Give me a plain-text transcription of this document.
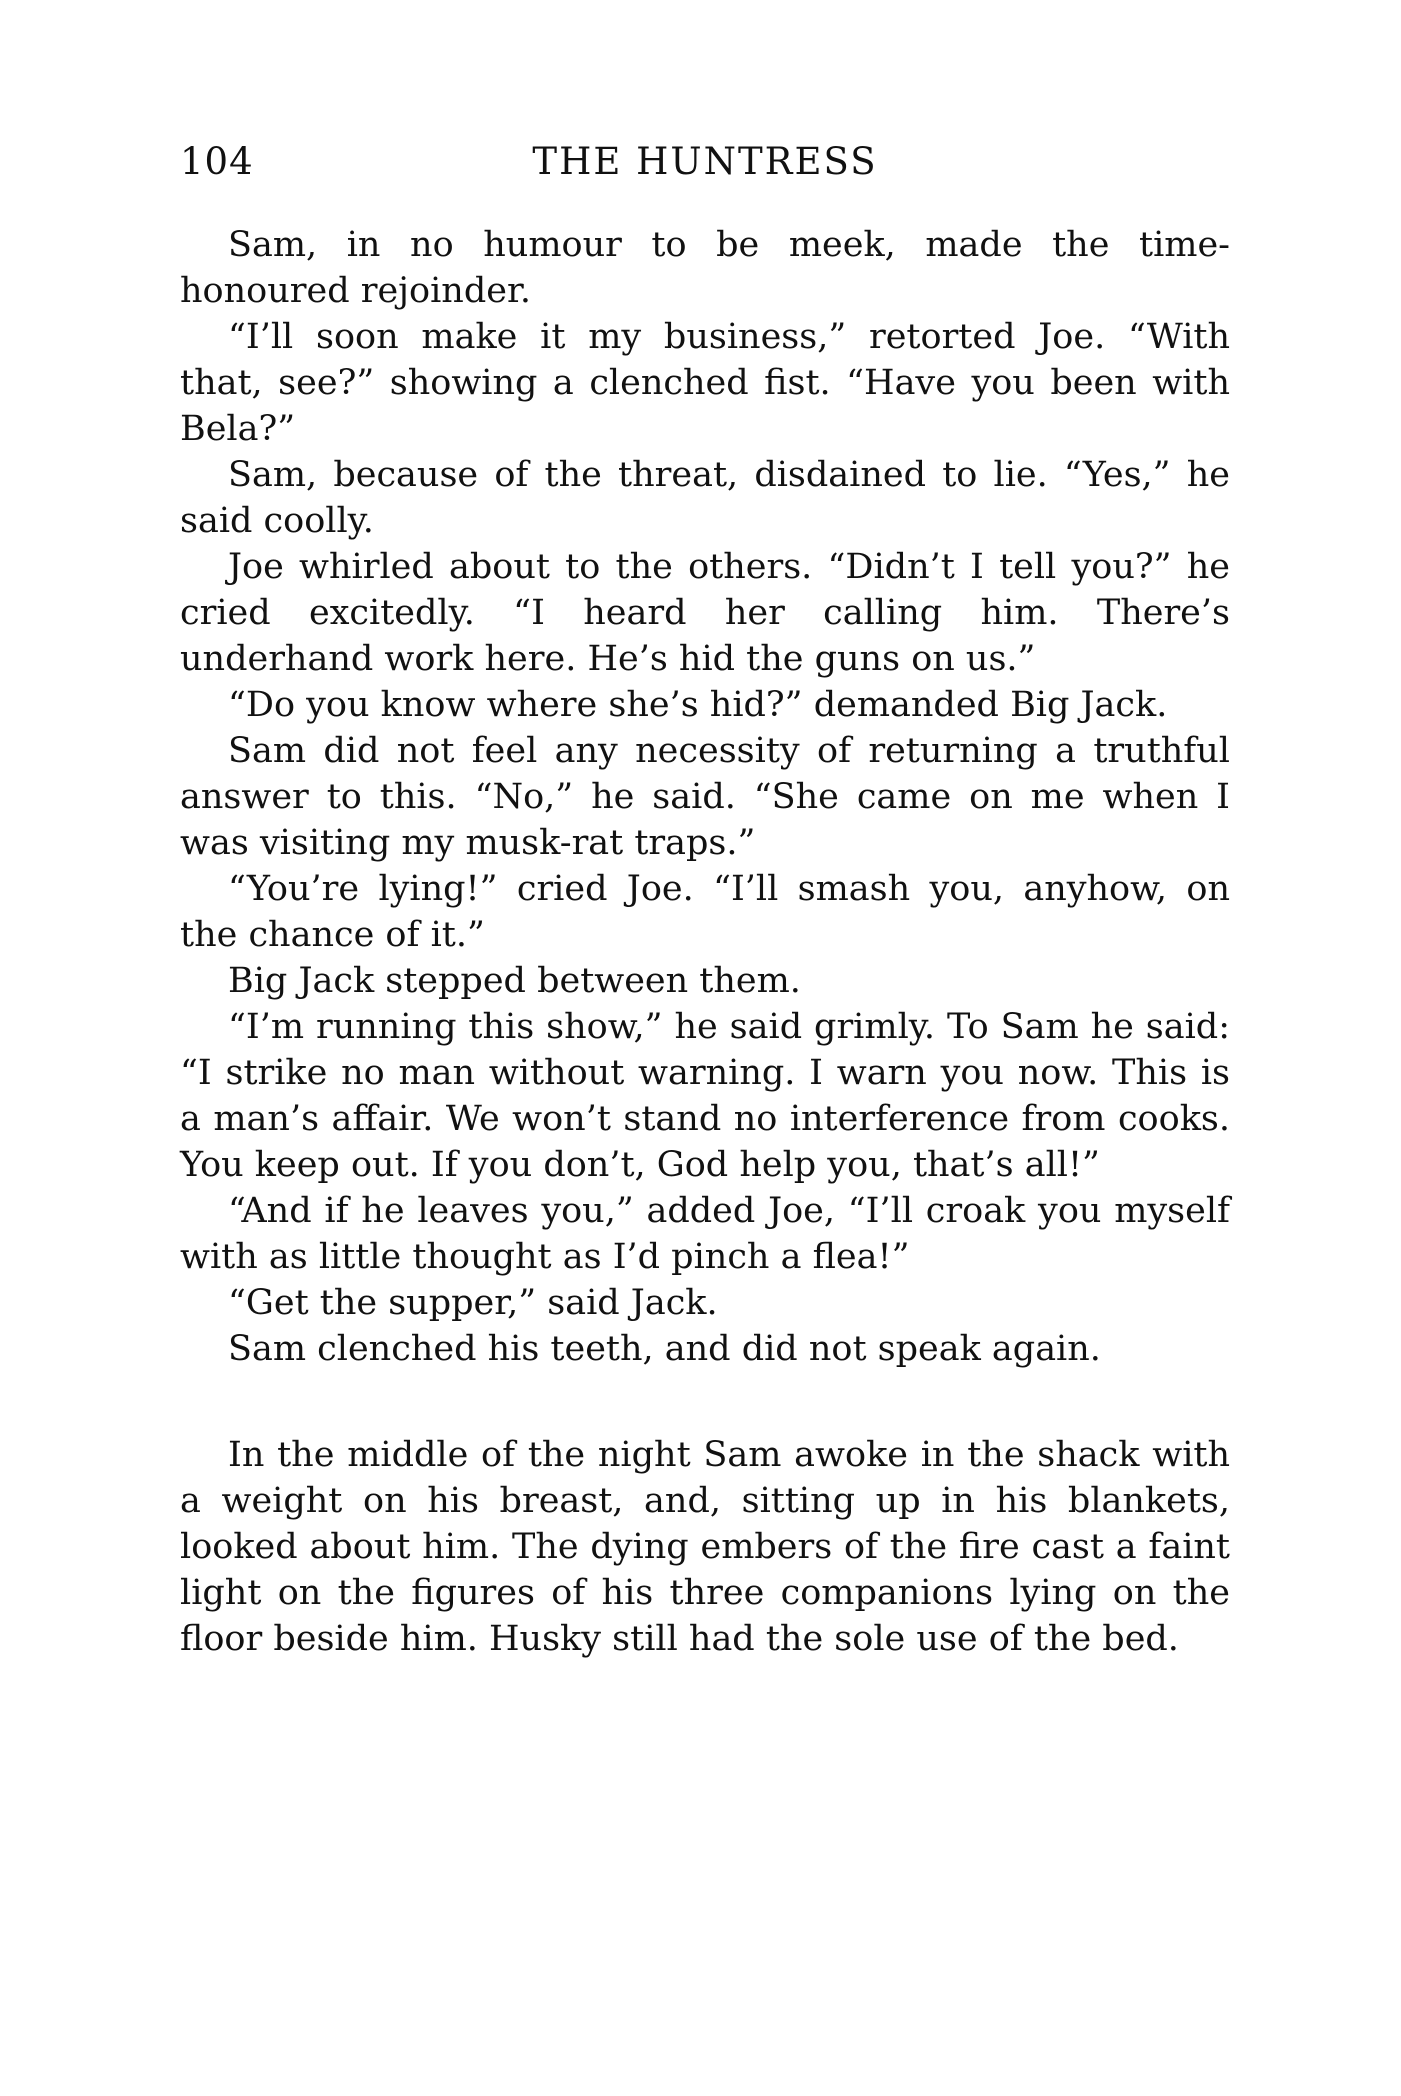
104	THE HUNTRESS

Sam, in no humour to be meek, made the time-honoured rejoinder.

“I’ll soon make it my business,” retorted Joe. “With that, see?” showing a clenched fist. “Have you been with Bela?”

Sam, because of the threat, disdained to lie. “Yes,” he said coolly.

Joe whirled about to the others. “Didn’t I tell you?” he cried excitedly. “I heard her calling him. There’s underhand work here. He’s hid the guns on us.”

“Do you know where she’s hid?” demanded Big Jack.

Sam did not feel any necessity of returning a truthful answer to this. “No,” he said. “She came on me when I was visiting my musk-rat traps.”

“You’re lying!” cried Joe. “I’ll smash you, anyhow, on the chance of it.”

Big Jack stepped between them.

“I’m running this show,” he said grimly. To Sam he said: “I strike no man without warning. I warn you now. This is a man’s affair. We won’t stand no interference from cooks. You keep out. If you don’t, God help you, that’s all!”

“And if he leaves you,” added Joe, “I’ll croak you myself with as little thought as I’d pinch a flea!”

“Get the supper,” said Jack.

Sam clenched his teeth, and did not speak again.

In the middle of the night Sam awoke in the shack with a weight on his breast, and, sitting up in his blankets, looked about him. The dying embers of the fire cast a faint light on the figures of his three companions lying on the floor beside him. Husky still had the sole use of the bed.
